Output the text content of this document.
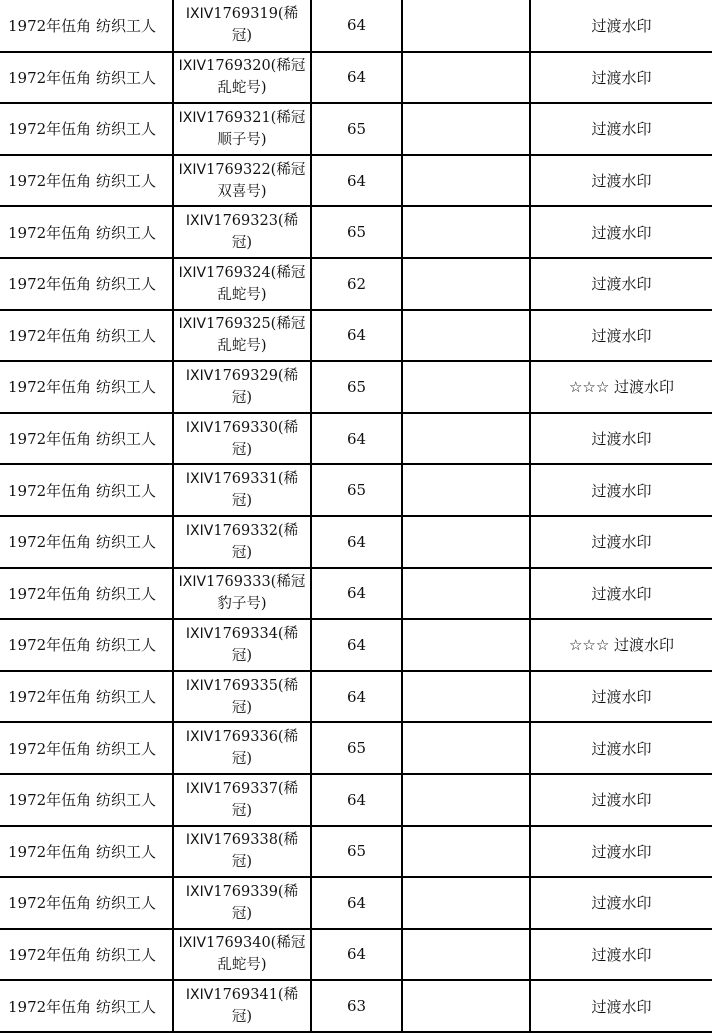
1972年伍角 纺织工人	IXIV1769319(稀冠)	64		过渡水印
1972年伍角 纺织工人	IXIV1769320(稀冠乱蛇号)	64		过渡水印
1972年伍角 纺织工人	IXIV1769321(稀冠顺子号)	65		过渡水印
1972年伍角 纺织工人	IXIV1769322(稀冠双喜号)	64		过渡水印
1972年伍角 纺织工人	IXIV1769323(稀冠)	65		过渡水印
1972年伍角 纺织工人	IXIV1769324(稀冠乱蛇号)	62		过渡水印
1972年伍角 纺织工人	IXIV1769325(稀冠乱蛇号)	64		过渡水印
1972年伍角 纺织工人	IXIV1769329(稀冠)	65		☆☆☆ 过渡水印
1972年伍角 纺织工人	IXIV1769330(稀冠)	64		过渡水印
1972年伍角 纺织工人	IXIV1769331(稀冠)	65		过渡水印
1972年伍角 纺织工人	IXIV1769332(稀冠)	64		过渡水印
1972年伍角 纺织工人	IXIV1769333(稀冠豹子号)	64		过渡水印
1972年伍角 纺织工人	IXIV1769334(稀冠)	64		☆☆☆ 过渡水印
1972年伍角 纺织工人	IXIV1769335(稀冠)	64		过渡水印
1972年伍角 纺织工人	IXIV1769336(稀冠)	65		过渡水印
1972年伍角 纺织工人	IXIV1769337(稀冠)	64		过渡水印
1972年伍角 纺织工人	IXIV1769338(稀冠)	65		过渡水印
1972年伍角 纺织工人	IXIV1769339(稀冠)	64		过渡水印
1972年伍角 纺织工人	IXIV1769340(稀冠乱蛇号)	64		过渡水印
1972年伍角 纺织工人	IXIV1769341(稀冠)	63		过渡水印
